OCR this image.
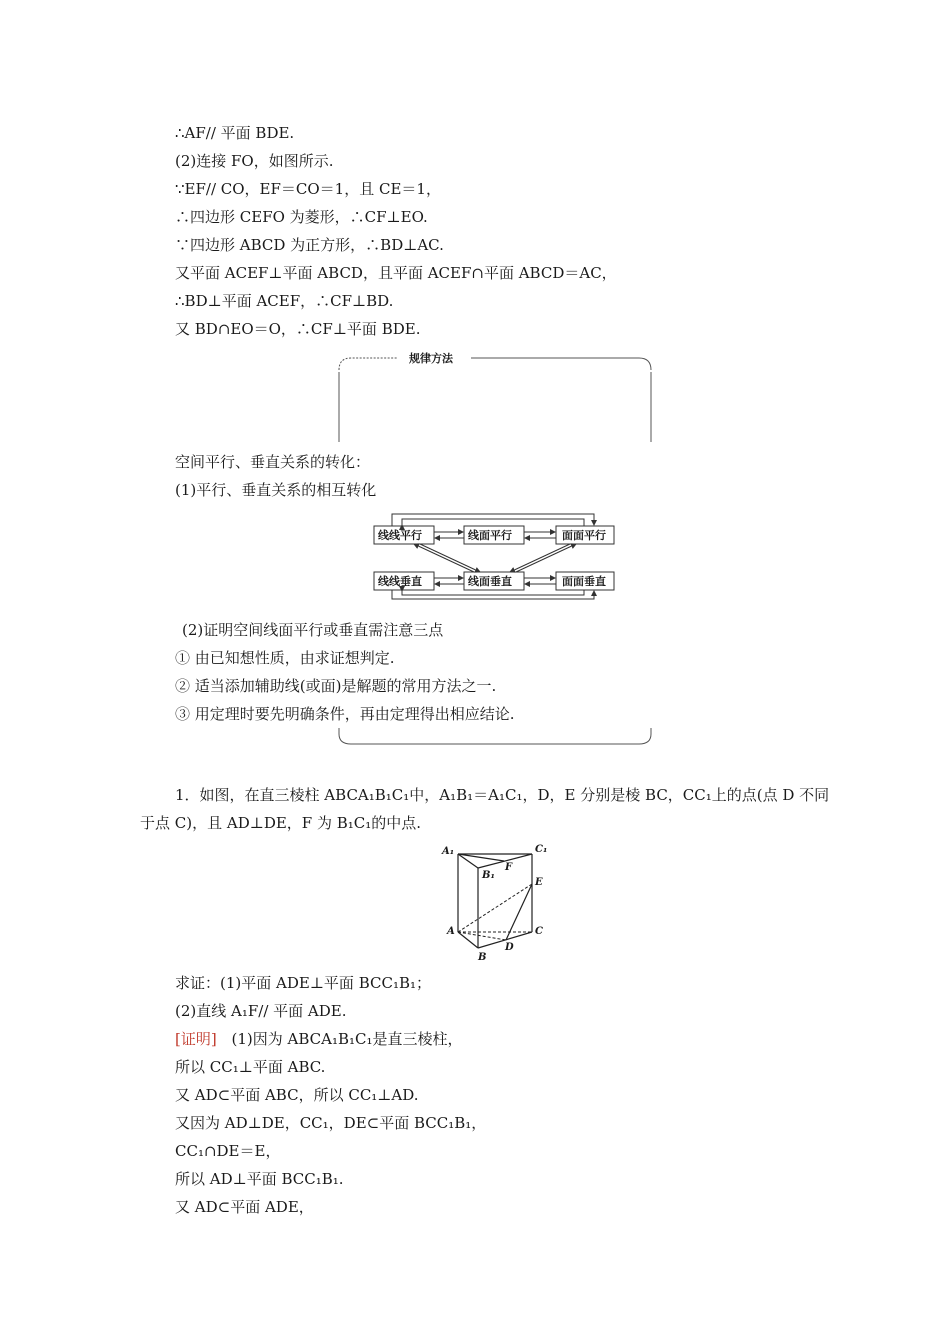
∴AF// 平面 BDE.
(2)连接 FO，如图所示.
∵EF// CO，EF＝CO＝1，且 CE＝1，
∴四边形 CEFO 为菱形，∴CF⊥EO.
∵四边形 ABCD 为正方形，∴BD⊥AC.
又平面 ACEF⊥平面 ABCD，且平面 ACEF∩平面 ABCD＝AC，
∴BD⊥平面 ACEF，∴CF⊥BD.
又 BD∩EO＝O，∴CF⊥平面 BDE.
规律方法
空间平行、垂直关系的转化：
(1)平行、垂直关系的相互转化
线线平行	线面平行	面面平行
线线垂直	线面垂直	面面垂直
(2)证明空间线面平行或垂直需注意三点
① 由已知想性质，由求证想判定.
② 适当添加辅助线(或面)是解题的常用方法之一.
③ 用定理时要先明确条件，再由定理得出相应结论.
1．如图，在直三棱柱 ABCA₁B₁C₁中，A₁B₁＝A₁C₁，D，E 分别是棱 BC，CC₁上的点(点 D 不同
于点 C)，且 AD⊥DE，F 为 B₁C₁的中点.
A₁	C₁
B₁
F
E
A	C
D
B
求证：(1)平面 ADE⊥平面 BCC₁B₁；
(2)直线 A₁F// 平面 ADE.
[证明] (1)因为 ABCA₁B₁C₁是直三棱柱，
所以 CC₁⊥平面 ABC.
又 AD⊂平面 ABC，所以 CC₁⊥AD.
又因为 AD⊥DE，CC₁，DE⊂平面 BCC₁B₁，
CC₁∩DE＝E，
所以 AD⊥平面 BCC₁B₁.
又 AD⊂平面 ADE，
